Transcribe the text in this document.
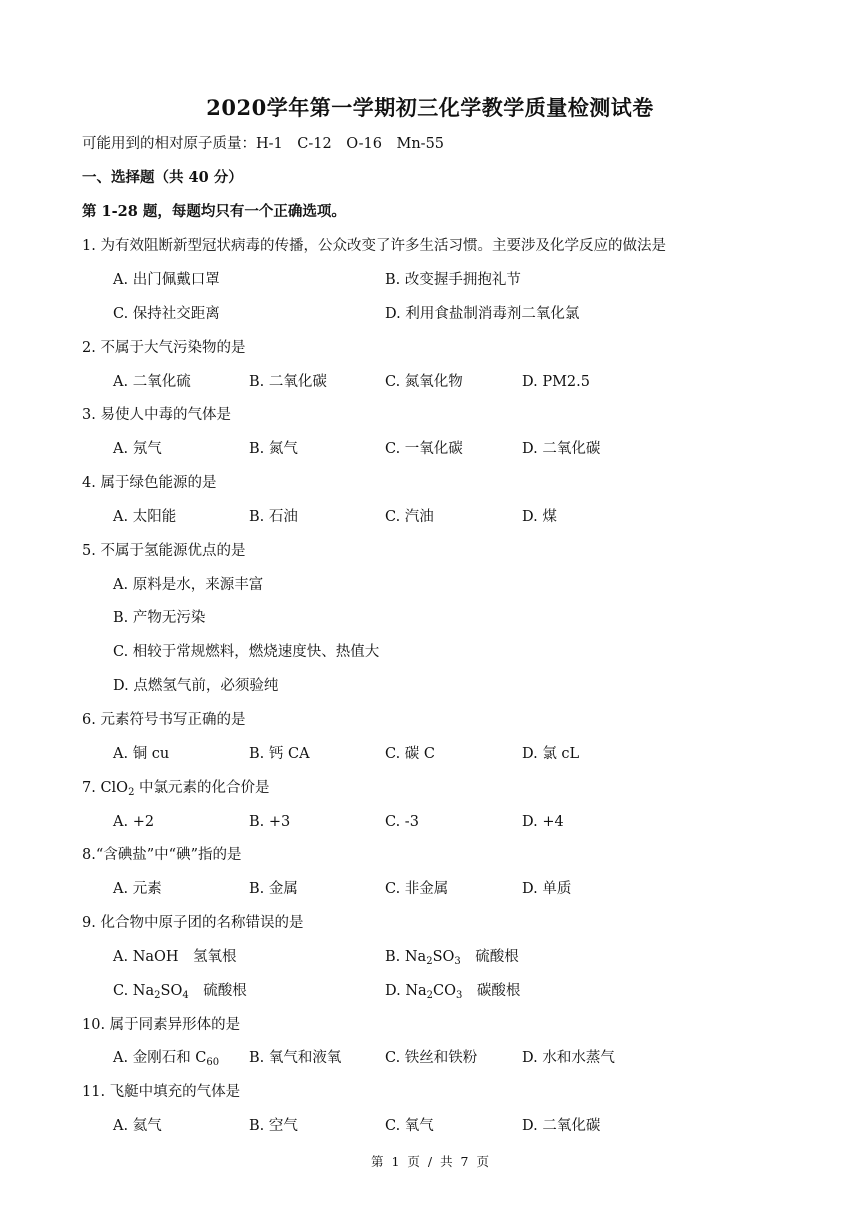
2020学年第一学期初三化学教学质量检测试卷
可能用到的相对原子质量：H-1　C-12　O-16　Mn-55
一、选择题（共 40 分）
第 1-28 题，每题均只有一个正确选项。
1. 为有效阻断新型冠状病毒的传播，公众改变了许多生活习惯。主要涉及化学反应的做法是
A. 出门佩戴口罩	B. 改变握手拥抱礼节
C. 保持社交距离	D. 利用食盐制消毒剂二氧化氯
2. 不属于大气污染物的是
A. 二氧化硫	B. 二氧化碳	C. 氮氧化物	D. PM2.5
3. 易使人中毒的气体是
A. 氖气	B. 氮气	C. 一氧化碳	D. 二氧化碳
4. 属于绿色能源的是
A. 太阳能	B. 石油	C. 汽油	D. 煤
5. 不属于氢能源优点的是
A. 原料是水，来源丰富
B. 产物无污染
C. 相较于常规燃料，燃烧速度快、热值大
D. 点燃氢气前，必须验纯
6. 元素符号书写正确的是
A. 铜 cu	B. 钙 CA	C. 碳 C	D. 氯 cL
7. ClO$_2$ 中氯元素的化合价是
A. +2	B. +3	C. -3	D. +4
8.“含碘盐”中“碘”指的是
A. 元素	B. 金属	C. 非金属	D. 单质
9. 化合物中原子团的名称错误的是
A. NaOH　氢氧根	B. $Na_2SO_3$　硫酸根
C. $Na_2SO_4$　硫酸根	D. $Na_2CO_3$　碳酸根
10. 属于同素异形体的是
A. 金刚石和 $C_{60}$ B. 氧气和液氧	C. 铁丝和铁粉	D. 水和水蒸气
11. 飞艇中填充的气体是
A. 氦气	B. 空气	C. 氧气	D. 二氧化碳
第 1 页 / 共 7 页
